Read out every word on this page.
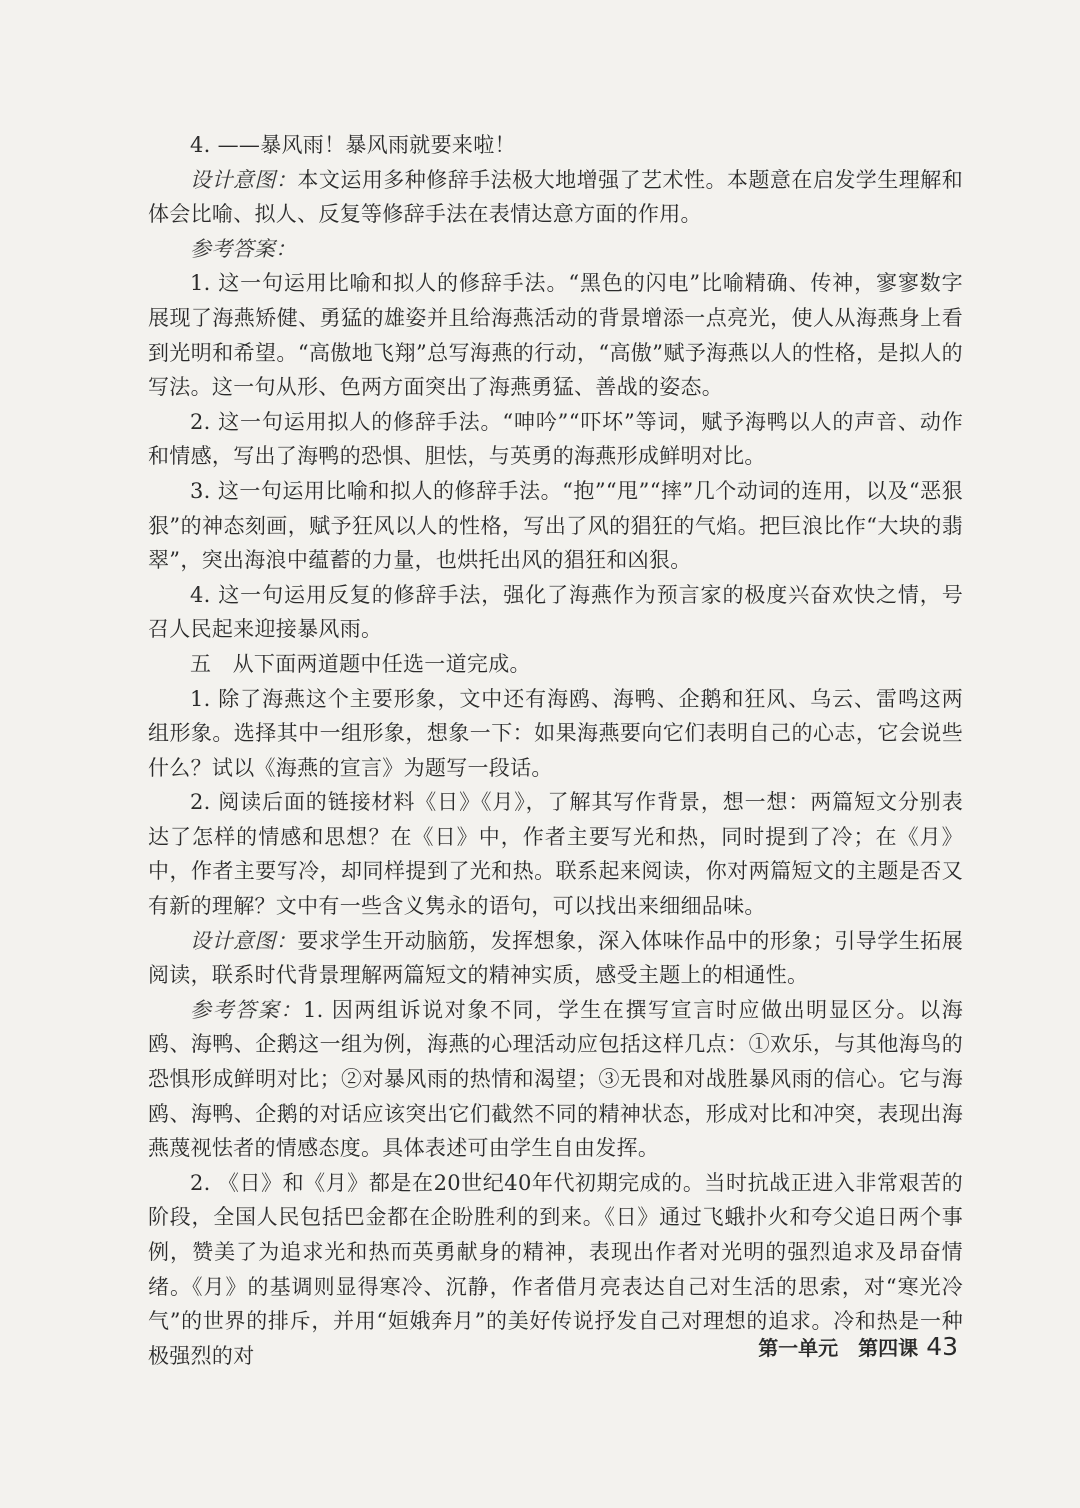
4. ——暴风雨！暴风雨就要来啦！

设计意图：本文运用多种修辞手法极大地增强了艺术性。本题意在启发学生理解和体会比喻、拟人、反复等修辞手法在表情达意方面的作用。

参考答案：

1. 这一句运用比喻和拟人的修辞手法。“黑色的闪电”比喻精确、传神，寥寥数字展现了海燕矫健、勇猛的雄姿并且给海燕活动的背景增添一点亮光，使人从海燕身上看到光明和希望。“高傲地飞翔”总写海燕的行动，“高傲”赋予海燕以人的性格，是拟人的写法。这一句从形、色两方面突出了海燕勇猛、善战的姿态。

2. 这一句运用拟人的修辞手法。“呻吟”“吓坏”等词，赋予海鸭以人的声音、动作和情感，写出了海鸭的恐惧、胆怯，与英勇的海燕形成鲜明对比。

3. 这一句运用比喻和拟人的修辞手法。“抱”“甩”“摔”几个动词的连用，以及“恶狠狠”的神态刻画，赋予狂风以人的性格，写出了风的猖狂的气焰。把巨浪比作“大块的翡翠”，突出海浪中蕴蓄的力量，也烘托出风的猖狂和凶狠。

4. 这一句运用反复的修辞手法，强化了海燕作为预言家的极度兴奋欢快之情，号召人民起来迎接暴风雨。

五　从下面两道题中任选一道完成。

1. 除了海燕这个主要形象，文中还有海鸥、海鸭、企鹅和狂风、乌云、雷鸣这两组形象。选择其中一组形象，想象一下：如果海燕要向它们表明自己的心志，它会说些什么？试以《海燕的宣言》为题写一段话。

2. 阅读后面的链接材料《日》《月》，了解其写作背景，想一想：两篇短文分别表达了怎样的情感和思想？在《日》中，作者主要写光和热，同时提到了冷；在《月》中，作者主要写冷，却同样提到了光和热。联系起来阅读，你对两篇短文的主题是否又有新的理解？文中有一些含义隽永的语句，可以找出来细细品味。

设计意图：要求学生开动脑筋，发挥想象，深入体味作品中的形象；引导学生拓展阅读，联系时代背景理解两篇短文的精神实质，感受主题上的相通性。

参考答案：1. 因两组诉说对象不同，学生在撰写宣言时应做出明显区分。以海鸥、海鸭、企鹅这一组为例，海燕的心理活动应包括这样几点：①欢乐，与其他海鸟的恐惧形成鲜明对比；②对暴风雨的热情和渴望；③无畏和对战胜暴风雨的信心。它与海鸥、海鸭、企鹅的对话应该突出它们截然不同的精神状态，形成对比和冲突，表现出海燕蔑视怯者的情感态度。具体表述可由学生自由发挥。

2. 《日》和《月》都是在20世纪40年代初期完成的。当时抗战正进入非常艰苦的阶段，全国人民包括巴金都在企盼胜利的到来。《日》通过飞蛾扑火和夸父追日两个事例，赞美了为追求光和热而英勇献身的精神，表现出作者对光明的强烈追求及昂奋情绪。《月》的基调则显得寒冷、沉静，作者借月亮表达自己对生活的思索，对“寒光冷气”的世界的排斥，并用“姮娥奔月”的美好传说抒发自己对理想的追求。冷和热是一种极强烈的对	第一单元　第四课 43
